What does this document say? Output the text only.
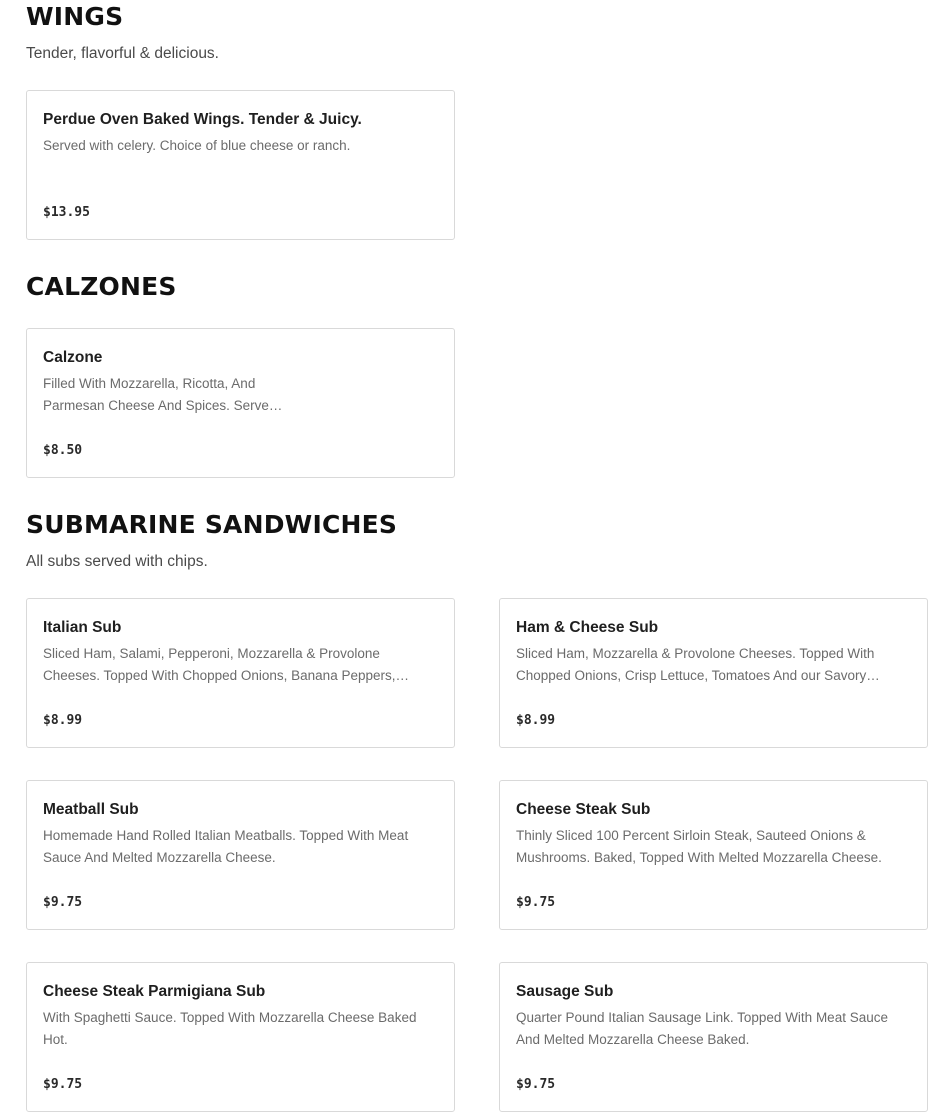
WINGS

Tender, flavorful & delicious.

Perdue Oven Baked Wings. Tender & Juicy.
Served with celery. Choice of blue cheese or ranch.
$13.95
CALZONES
Calzone
Filled With Mozzarella, Ricotta, And Parmesan Cheese And Spices. Serve…
$8.50
SUBMARINE SANDWICHES

All subs served with chips.

Italian Sub
Sliced Ham, Salami, Pepperoni, Mozzarella & Provolone Cheeses. Topped With Chopped Onions, Banana Peppers,…
$8.99
Ham & Cheese Sub
Sliced Ham, Mozzarella & Provolone Cheeses. Topped With Chopped Onions, Crisp Lettuce, Tomatoes And our Savory…
$8.99
Meatball Sub
Homemade Hand Rolled Italian Meatballs. Topped With Meat Sauce And Melted Mozzarella Cheese.
$9.75
Cheese Steak Sub
Thinly Sliced 100 Percent Sirloin Steak, Sauteed Onions & Mushrooms. Baked, Topped With Melted Mozzarella Cheese.
$9.75
Cheese Steak Parmigiana Sub
With Spaghetti Sauce. Topped With Mozzarella Cheese Baked Hot.
$9.75
Sausage Sub
Quarter Pound Italian Sausage Link. Topped With Meat Sauce And Melted Mozzarella Cheese Baked.
$9.75
